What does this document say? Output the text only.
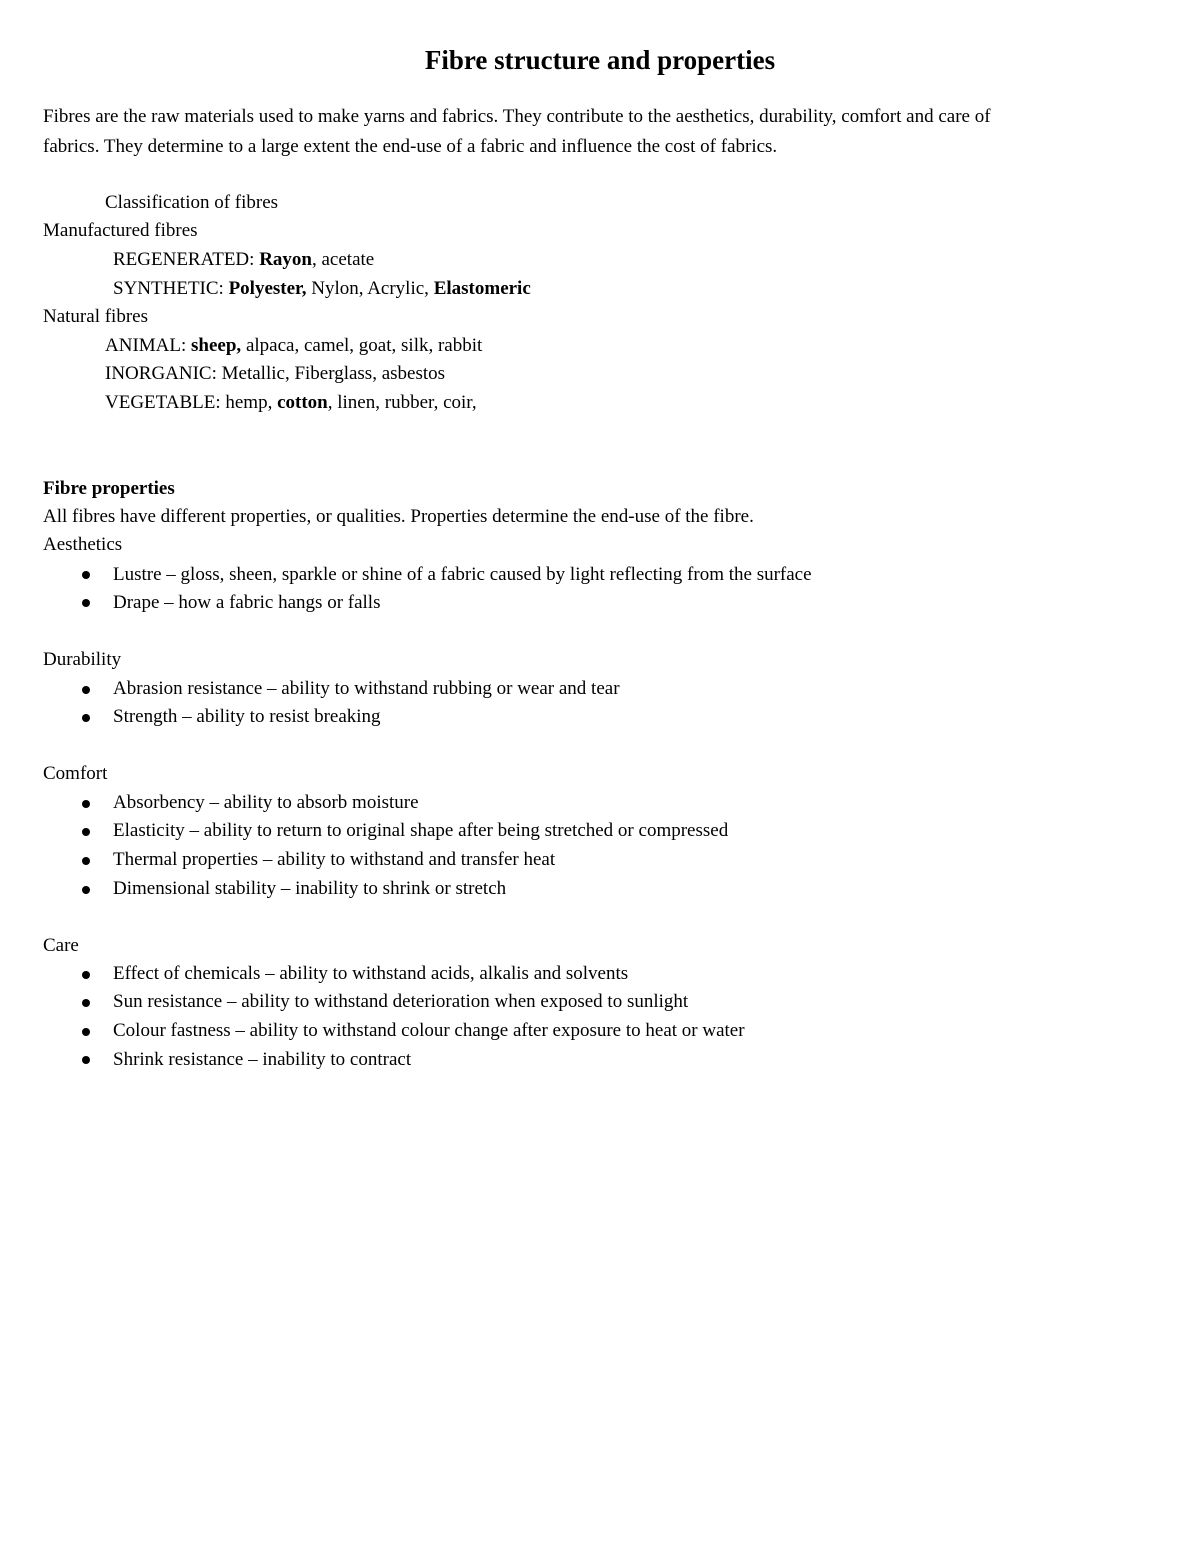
Fibre structure and properties
Fibres are the raw materials used to make yarns and fabrics. They contribute to the aesthetics, durability, comfort and care of
fabrics. They determine to a large extent the end-use of a fabric and influence the cost of fabrics.
Classification of fibres
Manufactured fibres
REGENERATED: Rayon, acetate
SYNTHETIC: Polyester, Nylon, Acrylic, Elastomeric
Natural fibres
ANIMAL: sheep, alpaca, camel, goat, silk, rabbit
INORGANIC: Metallic, Fiberglass, asbestos
VEGETABLE: hemp, cotton, linen, rubber, coir,
Fibre properties
All fibres have different properties, or qualities. Properties determine the end-use of the fibre.
Aesthetics
Lustre – gloss, sheen, sparkle or shine of a fabric caused by light reflecting from the surface
Drape – how a fabric hangs or falls
Durability
Abrasion resistance – ability to withstand rubbing or wear and tear
Strength – ability to resist breaking
Comfort
Absorbency – ability to absorb moisture
Elasticity – ability to return to original shape after being stretched or compressed
Thermal properties – ability to withstand and transfer heat
Dimensional stability – inability to shrink or stretch
Care
Effect of chemicals – ability to withstand acids, alkalis and solvents
Sun resistance – ability to withstand deterioration when exposed to sunlight
Colour fastness – ability to withstand colour change after exposure to heat or water
Shrink resistance – inability to contract
